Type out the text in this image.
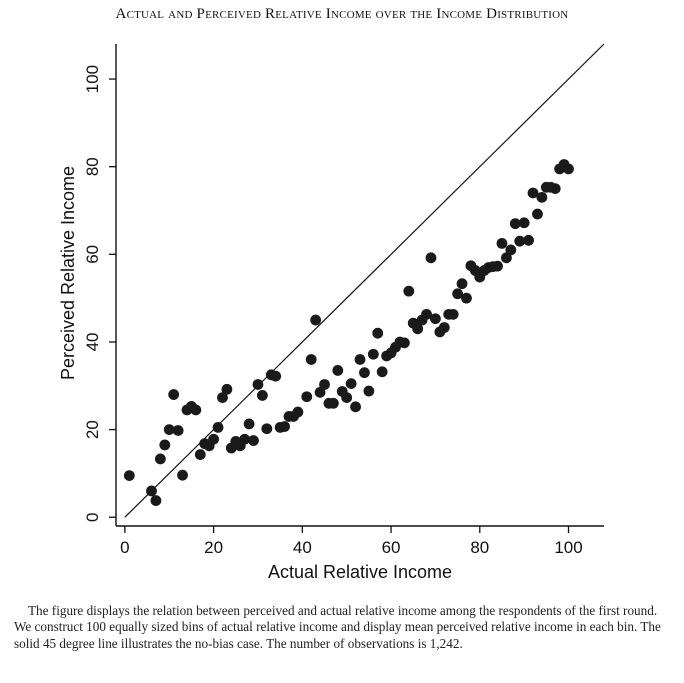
Actual and Perceived Relative Income over the Income Distribution
0	20	40	60	80	100
0
20
40
60
80
100
Actual Relative Income
Perceived Relative Income

The figure displays the relation between perceived and actual relative income among the respondents of the first round. We construct 100 equally sized bins of actual relative income and display mean perceived relative income in each bin. The solid 45 degree line illustrates the no-bias case. The number of observations is 1,242.
